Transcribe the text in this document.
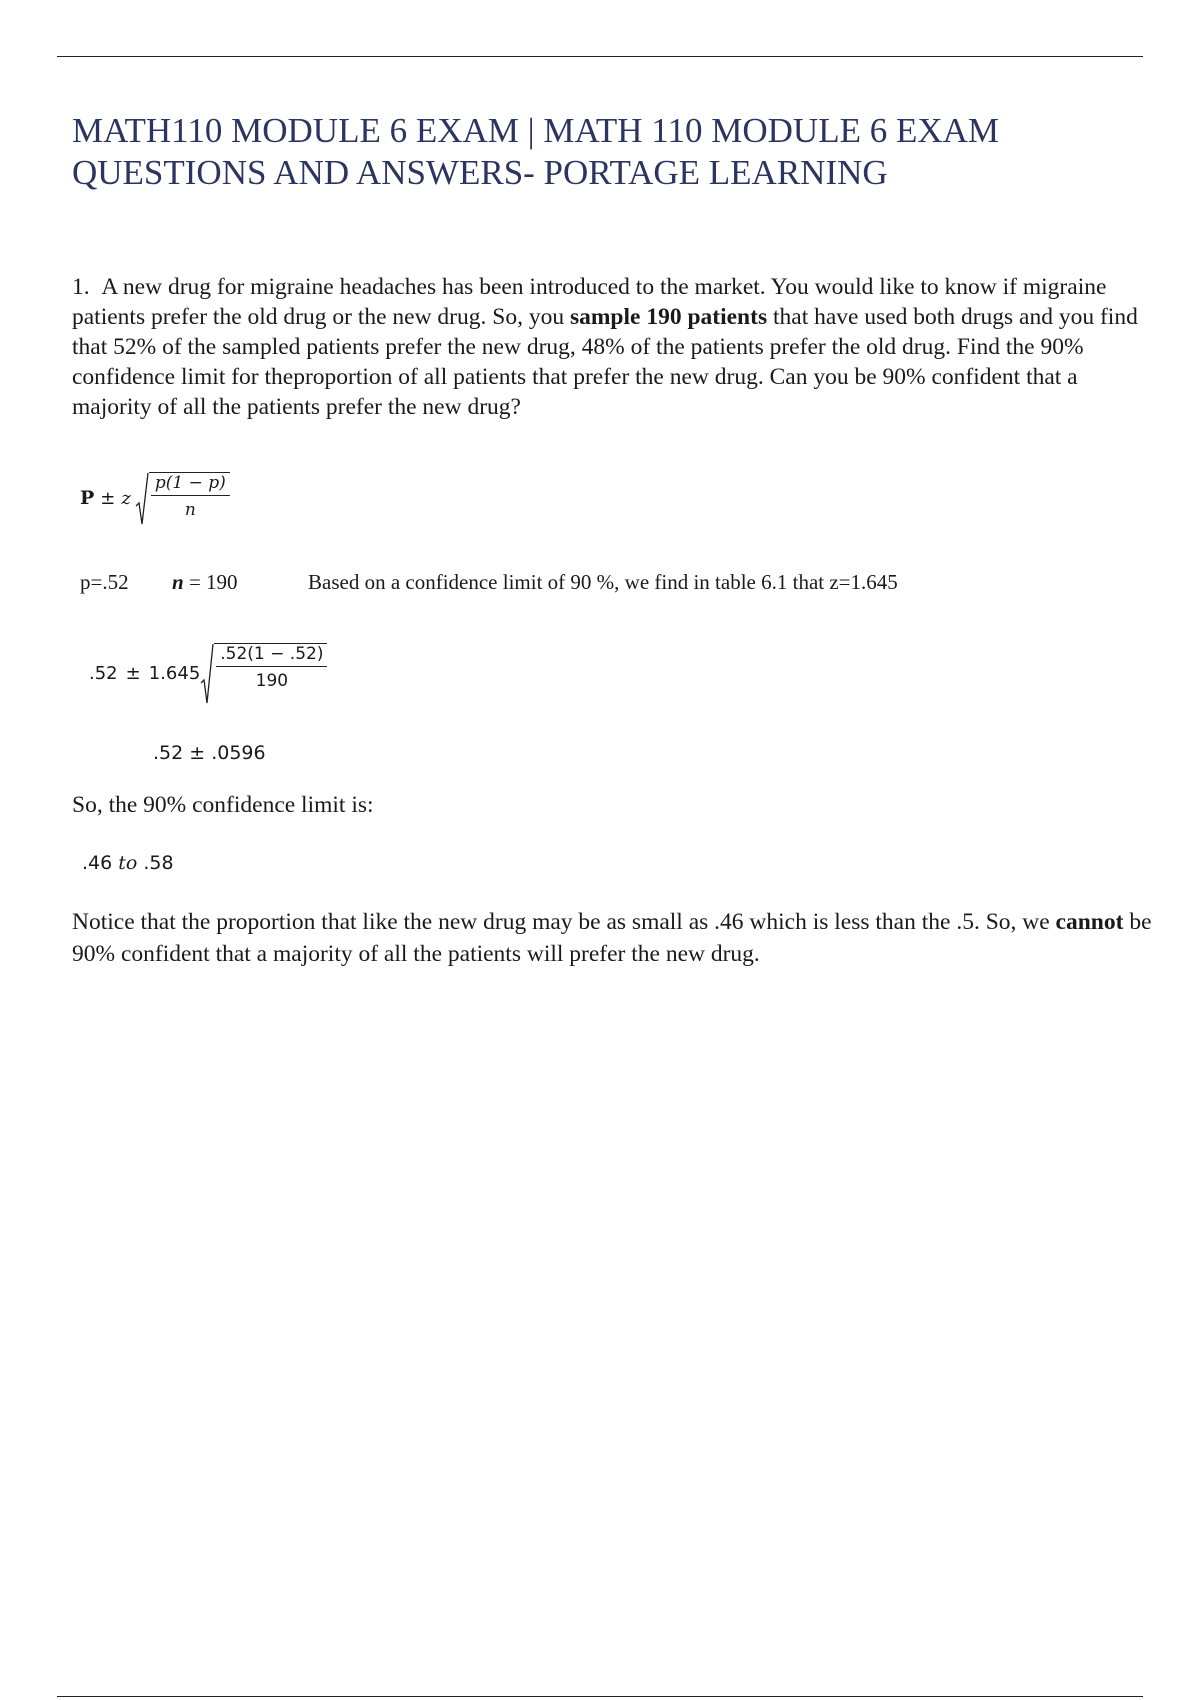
MATH110 MODULE 6 EXAM | MATH 110 MODULE 6 EXAM QUESTIONS AND ANSWERS- PORTAGE LEARNING

1. A new drug for migraine headaches has been introduced to the market. You would like to know if migraine patients prefer the old drug or the new drug. So, you sample 190 patients that have used both drugs and you find that 52% of the sampled patients prefer the new drug, 48% of the patients prefer the old drug. Find the 90% confidence limit for theproportion of all patients that prefer the new drug. Can you be 90% confident that a majority of all the patients prefer the new drug?

P ± z $\frac{p(1 - p)}{n}$
p=.52 n = 190	Based on a confidence limit of 90 %, we find in table 6.1 that z=1.645
$.52 \pm 1.645 \frac{.52(1 - .52)}{190}$
.52 ± .0596

So, the 90% confidence limit is:

.46 to .58

Notice that the proportion that like the new drug may be as small as .46 which is less than the .5. So, we cannot be 90% confident that a majority of all the patients will prefer the new drug.
